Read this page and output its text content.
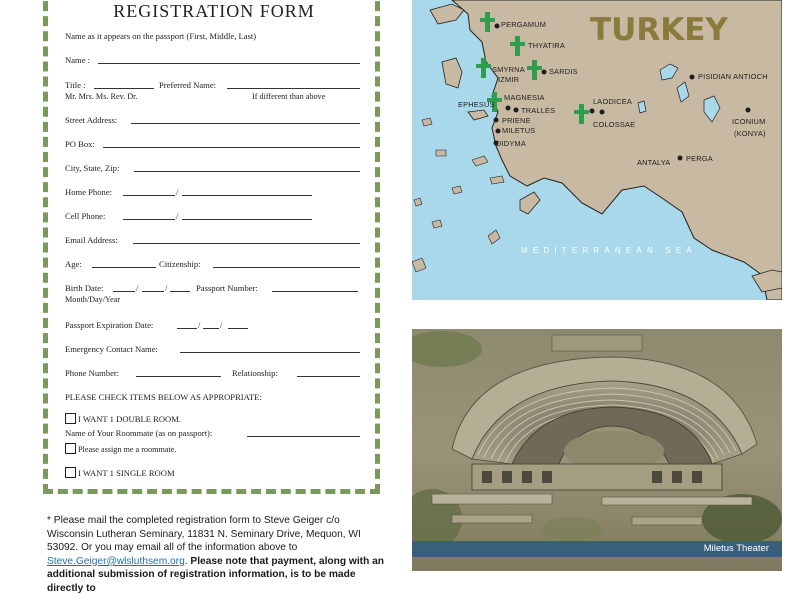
REGISTRATION FORM
Name as it appears on the passport (First, Middle, Last)
Name :
Title :	Preferred Name:
Mr. Mrs. Ms. Rev. Dr.	If different than above
Street Address:
PO Box:
City, State, Zip:
Home Phone:	/
Cell Phone:	/
Email Address:
Age:	Citizenship:
Birth Date:	/	/	Passport Number:
Month/Day/Year
Passport Expiration Date:	/ /
Emergency Contact Name:
Phone Number:	Relationship:
PLEASE CHECK ITEMS BELOW AS APPROPRIATE:
I WANT 1 DOUBLE ROOM.
Name of Your Roommate (as on passport):
Please assign me a roommate.
I WANT 1 SINGLE ROOM
* Please mail the completed registration form to Steve Geiger c/o Wisconsin Lutheran Seminary, 11831 N. Seminary Drive, Mequon, WI 53092. Or you may email all of the information above to Steve.Geiger@wlsluthsem.org. Please note that payment, along with an additional submission of registration information, is to be made directly to
TURKEY
PERGAMUM
THYATIRA
SMYRNA
IZMIR
SARDIS
EPHESUS
MAGNESIA
TRALLES
PRIENE
MILETUS
DIDYMA
LAODICEA
COLOSSAE
ANTALYA PERGA
PISIDIAN ANTIOCH
ICONIUM
(KONYA)
MEDITERRANEAN SEA
Miletus Theater
